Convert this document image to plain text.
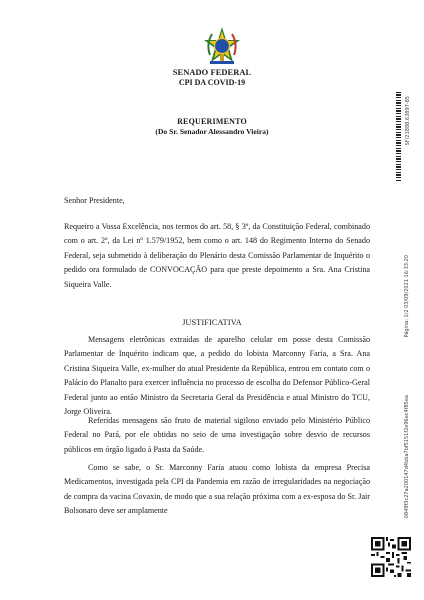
SENADO FEDERAL
CPI DA COVID-19
REQUERIMENTO
(Do Sr. Senador Alessandro Vieira)	SF/21888.63897-85
Página: 1/2 03/09/2021 16:33:20
0849f3c27a200147d4bba7bf5151f2e96ec4f85ea
Senhor Presidente,

Requeiro a Vossa Excelência, nos termos do art. 58, § 3º, da Constituição Federal, combinado com o art. 2º, da Lei nº 1.579/1952, bem como o art. 148 do Regimento Interno do Senado Federal, seja submetido à deliberação do Plenário desta Comissão Parlamentar de Inquérito o pedido ora formulado de CONVOCAÇÃO para que preste depoimento a Sra. Ana Cristina Siqueira Valle.

JUSTIFICATIVA

Mensagens eletrônicas extraídas de aparelho celular em posse desta Comissão Parlamentar de Inquérito indicam que, a pedido do lobista Marconny Faria, a Sra. Ana Cristina Siqueira Valle, ex-mulher do atual Presidente da República, entrou em contato com o Palácio do Planalto para exercer influência no processo de escolha do Defensor Público-Geral Federal junto ao então Ministro da Secretaria Geral da Presidência e atual Ministro do TCU, Jorge Oliveira.

Referidas mensagens são fruto de material sigiloso enviado pelo Ministério Público Federal no Pará, por ele obtidas no seio de uma investigação sobre desvio de recursos públicos em órgão ligado à Pasta da Saúde.

Como se sabe, o Sr. Marconny Faria atuou como lobista da empresa Precisa Medicamentos, investigada pela CPI da Pandemia em razão de irregularidades na negociação de compra da vacina Covaxin, de modo que a sua relação próxima com a ex-esposa do Sr. Jair Bolsonaro deve ser amplamente
